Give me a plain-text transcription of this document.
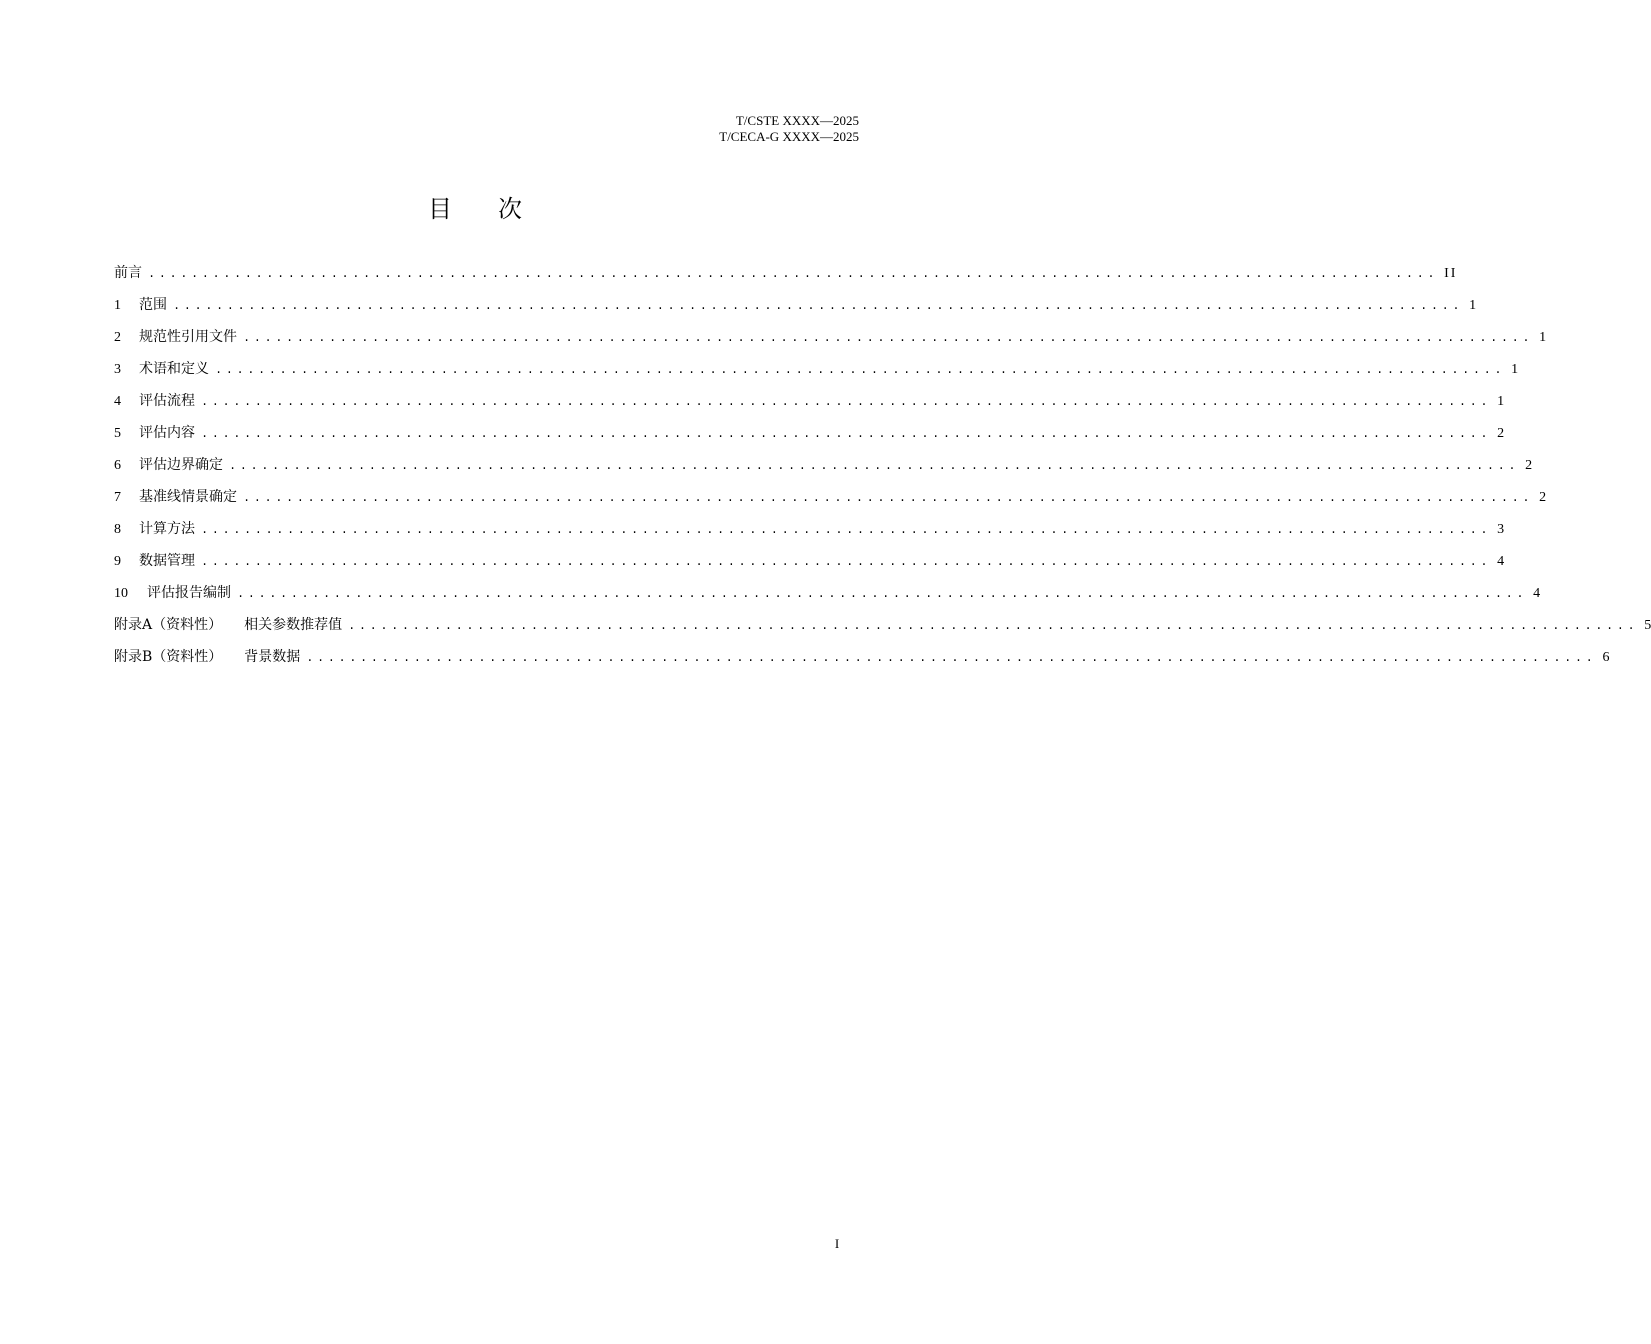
T/CSTE XXXX—2025
T/CECA-G XXXX—2025
目 次
前言 ........................................................................................................................ II
1 范围 ........................................................................................................................ 1
2 规范性引用文件 ........................................................................................................................ 1
3 术语和定义 ........................................................................................................................ 1
4 评估流程 ........................................................................................................................ 1
5 评估内容 ........................................................................................................................ 2
6 评估边界确定 ........................................................................................................................ 2
7 基准线情景确定 ........................................................................................................................ 2
8 计算方法 ........................................................................................................................ 3
9 数据管理 ........................................................................................................................ 4
10 评估报告编制 ........................................................................................................................ 4
附录A（资料性） 相关参数推荐值 ........................................................................................................................ 5
附录B（资料性） 背景数据 ........................................................................................................................ 6
I
